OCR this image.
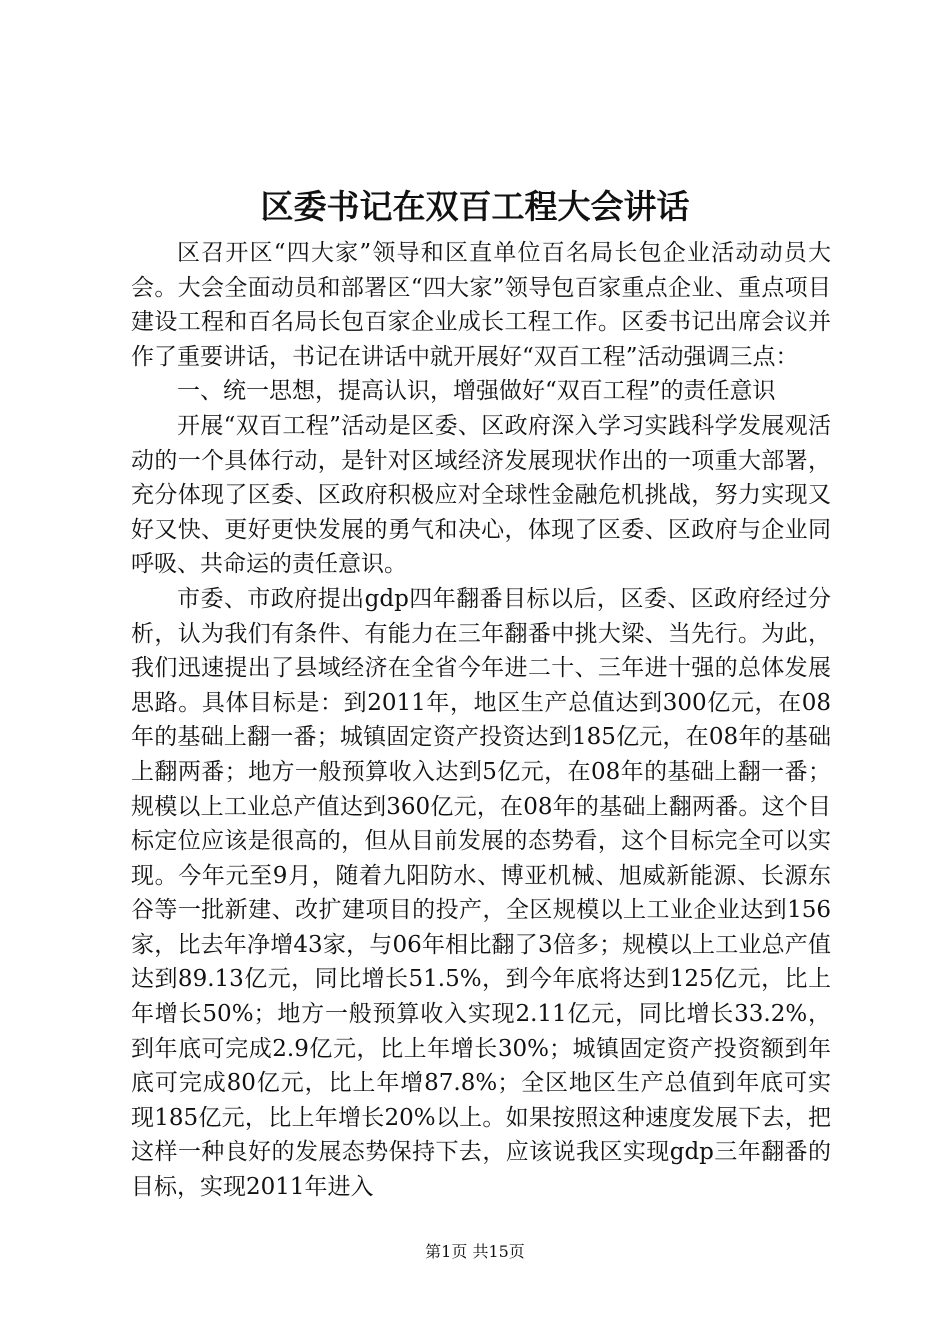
区委书记在双百工程大会讲话

区召开区“四大家”领导和区直单位百名局长包企业活动动员大会。大会全面动员和部署区“四大家”领导包百家重点企业、重点项目建设工程和百名局长包百家企业成长工程工作。区委书记出席会议并作了重要讲话，书记在讲话中就开展好“双百工程”活动强调三点：

一、统一思想，提高认识，增强做好“双百工程”的责任意识

开展“双百工程”活动是区委、区政府深入学习实践科学发展观活动的一个具体行动，是针对区域经济发展现状作出的一项重大部署，充分体现了区委、区政府积极应对全球性金融危机挑战，努力实现又好又快、更好更快发展的勇气和决心，体现了区委、区政府与企业同呼吸、共命运的责任意识。

市委、市政府提出gdp四年翻番目标以后，区委、区政府经过分析，认为我们有条件、有能力在三年翻番中挑大梁、当先行。为此，我们迅速提出了县域经济在全省今年进二十、三年进十强的总体发展思路。具体目标是：到2011年，地区生产总值达到300亿元，在08年的基础上翻一番；城镇固定资产投资达到185亿元，在08年的基础上翻两番；地方一般预算收入达到5亿元，在08年的基础上翻一番；规模以上工业总产值达到360亿元，在08年的基础上翻两番。这个目标定位应该是很高的，但从目前发展的态势看，这个目标完全可以实现。今年元至9月，随着九阳防水、博亚机械、旭威新能源、长源东谷等一批新建、改扩建项目的投产，全区规模以上工业企业达到156家，比去年净增43家，与06年相比翻了3倍多；规模以上工业总产值达到89.13亿元，同比增长51.5%，到今年底将达到125亿元，比上年增长50%；地方一般预算收入实现2.11亿元，同比增长33.2%，到年底可完成2.9亿元，比上年增长30%；城镇固定资产投资额到年底可完成80亿元，比上年增87.8%；全区地区生产总值到年底可实现185亿元，比上年增长20%以上。如果按照这种速度发展下去，把这样一种良好的发展态势保持下去，应该说我区实现gdp三年翻番的目标，实现2011年进入

第1页 共15页
